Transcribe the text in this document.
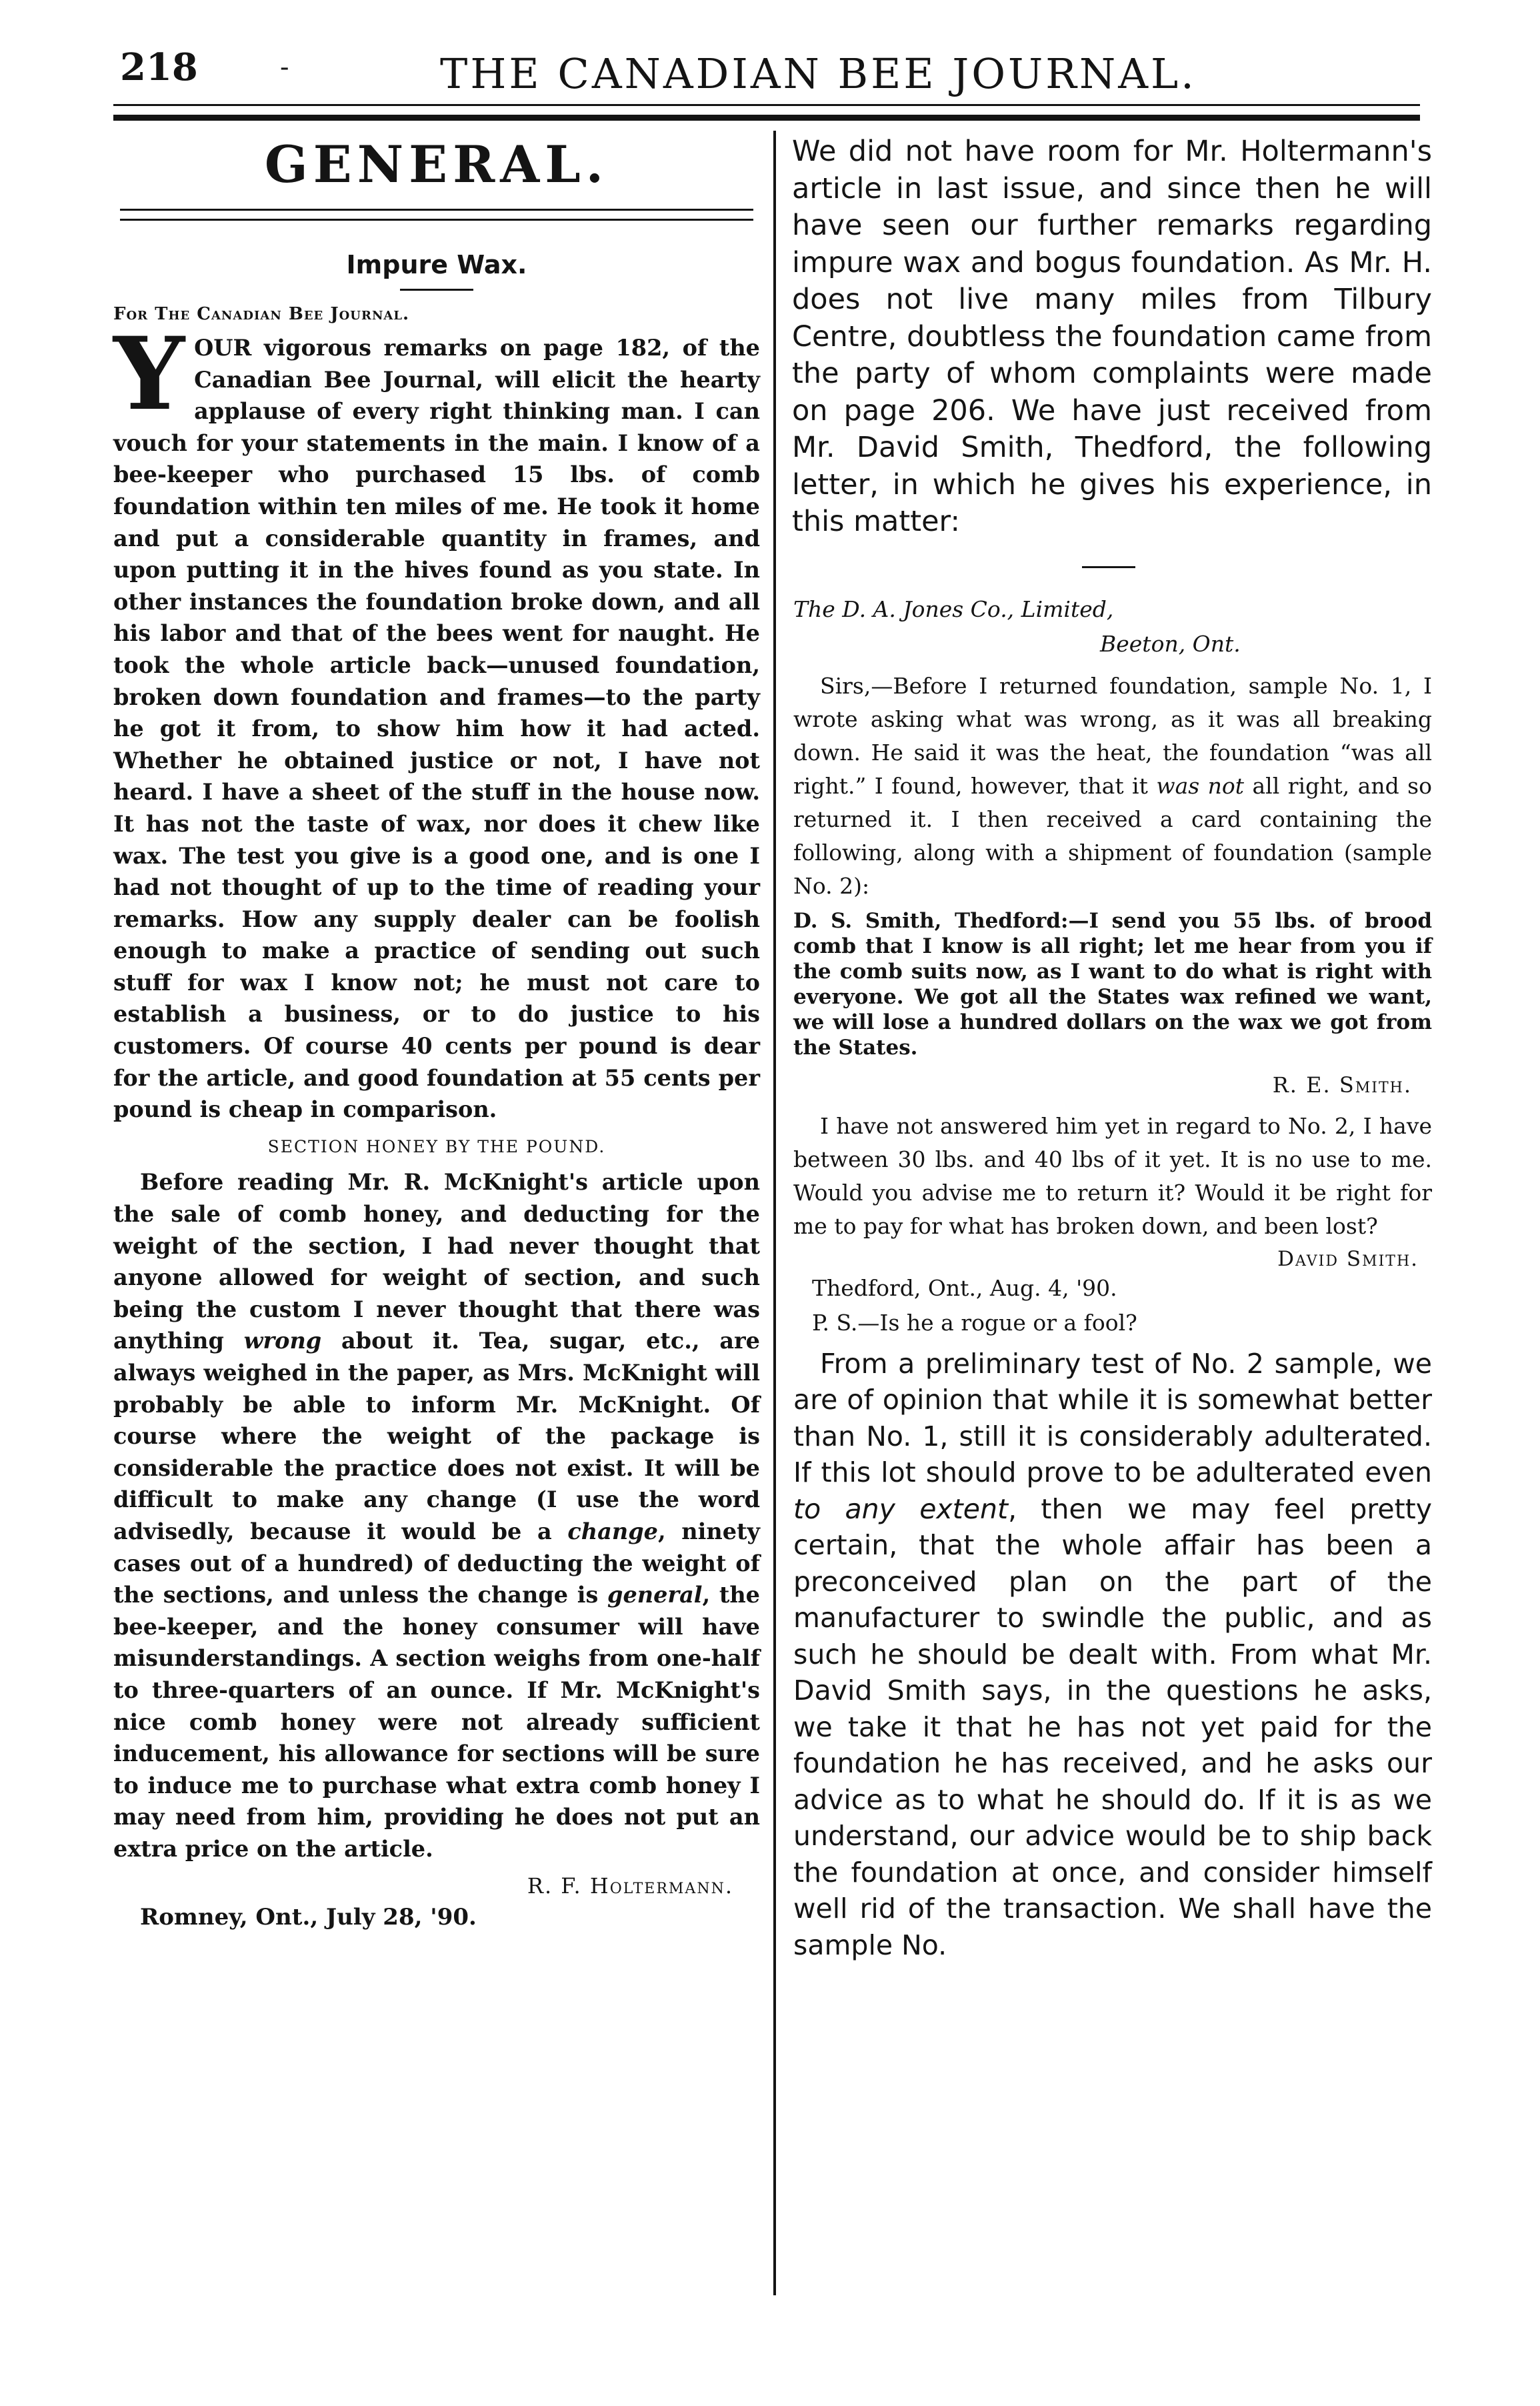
218	-	THE CANADIAN BEE JOURNAL.
GENERAL.
Impure Wax.
For The Canadian Bee Journal.

YOUR vigorous remarks on page 182, of the Canadian Bee Journal, will elicit the hearty applause of every right thinking man. I can vouch for your statements in the main. I know of a bee-keeper who purchased 15 lbs. of comb foundation within ten miles of me. He took it home and put a considerable quantity in frames, and upon putting it in the hives found as you state. In other instances the foundation broke down, and all his labor and that of the bees went for naught. He took the whole article back—unused foundation, broken down foundation and frames—to the party he got it from, to show him how it had acted. Whether he obtained justice or not, I have not heard. I have a sheet of the stuff in the house now. It has not the taste of wax, nor does it chew like wax. The test you give is a good one, and is one I had not thought of up to the time of reading your remarks. How any supply dealer can be foolish enough to make a practice of sending out such stuff for wax I know not; he must not care to establish a business, or to do justice to his customers. Of course 40 cents per pound is dear for the article, and good foundation at 55 cents per pound is cheap in comparison.

SECTION HONEY BY THE POUND.

Before reading Mr. R. McKnight's article upon the sale of comb honey, and deducting for the weight of the section, I had never thought that anyone allowed for weight of section, and such being the custom I never thought that there was anything wrong about it. Tea, sugar, etc., are always weighed in the paper, as Mrs. McKnight will probably be able to inform Mr. McKnight. Of course where the weight of the package is considerable the practice does not exist. It will be difficult to make any change (I use the word advisedly, because it would be a change, ninety cases out of a hundred) of deducting the weight of the sections, and unless the change is general, the bee-keeper, and the honey consumer will have misunderstandings. A section weighs from one-half to three-quarters of an ounce. If Mr. McKnight's nice comb honey were not already sufficient inducement, his allowance for sections will be sure to induce me to purchase what extra comb honey I may need from him, providing he does not put an extra price on the article.

R. F. Holtermann.
Romney, Ont., July 28, '90.

We did not have room for Mr. Holtermann's article in last issue, and since then he will have seen our further remarks regarding impure wax and bogus foundation. As Mr. H. does not live many miles from Tilbury Centre, doubtless the foundation came from the party of whom complaints were made on page 206. We have just received from Mr. David Smith, Thedford, the following letter, in which he gives his experience, in this matter:

The D. A. Jones Co., Limited,
Beeton, Ont.

Sirs,—Before I returned foundation, sample No. 1, I wrote asking what was wrong, as it was all breaking down. He said it was the heat, the foundation “was all right.” I found, however, that it was not all right, and so returned it. I then received a card containing the following, along with a shipment of foundation (sample No. 2):

D. S. Smith, Thedford:—I send you 55 lbs. of brood comb that I know is all right; let me hear from you if the comb suits now, as I want to do what is right with everyone. We got all the States wax refined we want, we will lose a hundred dollars on the wax we got from the States.
R. E. Smith.

I have not answered him yet in regard to No. 2, I have between 30 lbs. and 40 lbs of it yet. It is no use to me. Would you advise me to return it? Would it be right for me to pay for what has broken down, and been lost?

David Smith.
Thedford, Ont., Aug. 4, '90.
P. S.—Is he a rogue or a fool?

From a preliminary test of No. 2 sample, we are of opinion that while it is somewhat better than No. 1, still it is considerably adulterated. If this lot should prove to be adulterated even to any extent, then we may feel pretty certain, that the whole affair has been a preconceived plan on the part of the manufacturer to swindle the public, and as such he should be dealt with. From what Mr. David Smith says, in the questions he asks, we take it that he has not yet paid for the foundation he has received, and he asks our advice as to what he should do. If it is as we understand, our advice would be to ship back the foundation at once, and consider himself well rid of the transaction. We shall have the sample No.
